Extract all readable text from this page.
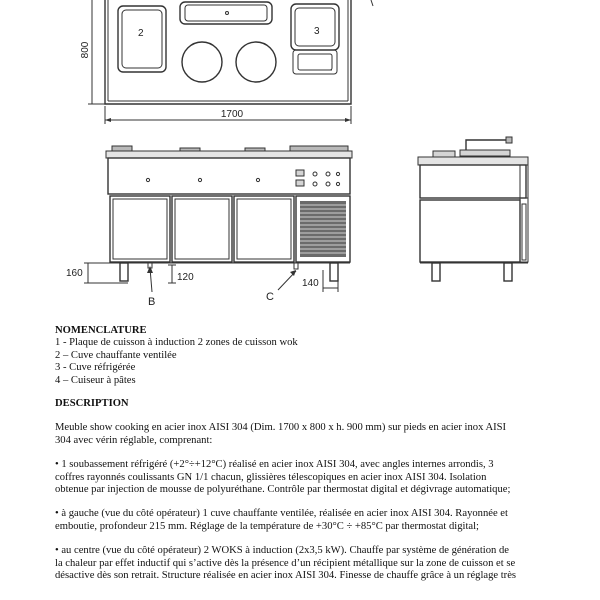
2	3
800
1700
160	120
B	C
140

NOMENCLATURE

1 - Plaque de cuisson à induction 2 zones de cuisson wok

2 – Cuve chauffante ventilée

3 - Cuve réfrigérée

4 – Cuiseur à pâtes

DESCRIPTION

Meuble show cooking en acier inox AISI 304 (Dim. 1700 x 800 x h. 900 mm) sur pieds en acier inox AISI

304 avec vérin réglable, comprenant:

• 1 soubassement réfrigéré (+2°÷+12°C) réalisé en acier inox AISI 304, avec angles internes arrondis, 3

coffres rayonnés coulissants GN 1/1 chacun, glissières télescopiques en acier inox AISI 304. Isolation

obtenue par injection de mousse de polyuréthane. Contrôle par thermostat digital et dégivrage automatique;

• à gauche (vue du côté opérateur) 1 cuve chauffante ventilée, réalisée en acier inox AISI 304. Rayonnée et

emboutie, profondeur 215 mm. Réglage de la température de +30°C ÷ +85°C par thermostat digital;

• au centre (vue du côté opérateur) 2 WOKS à induction (2x3,5 kW). Chauffe par système de génération de

la chaleur par effet inductif qui s’active dès la présence d’un récipient métallique sur la zone de cuisson et se

désactive dès son retrait. Structure réalisée en acier inox AISI 304. Finesse de chauffe grâce à un réglage très
